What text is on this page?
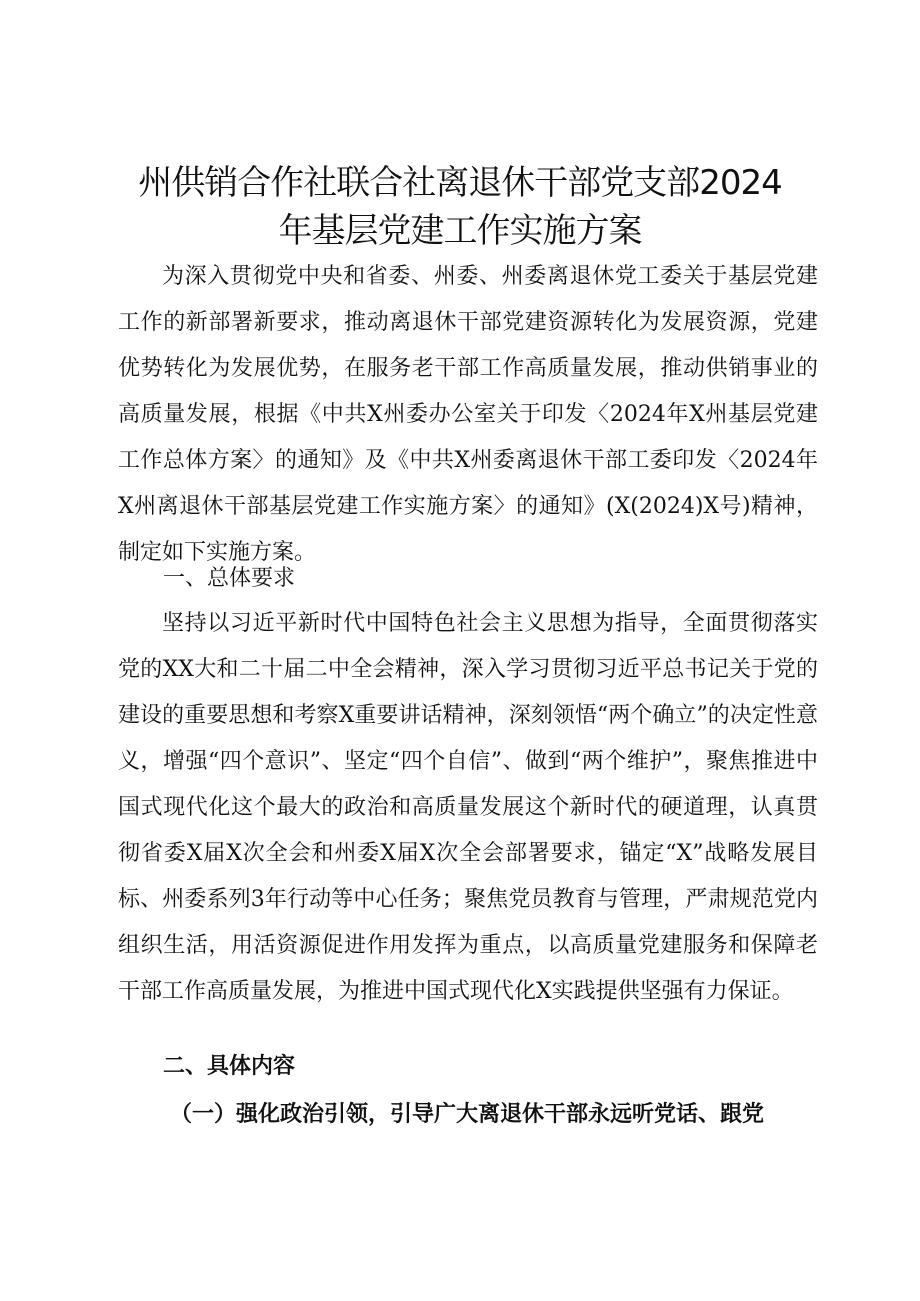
州供销合作社联合社离退休干部党支部2024
年基层党建工作实施方案

为深入贯彻党中央和省委、州委、州委离退休党工委关于基层党建工作的新部署新要求，推动离退休干部党建资源转化为发展资源，党建优势转化为发展优势，在服务老干部工作高质量发展，推动供销事业的高质量发展，根据《中共X州委办公室关于印发〈2024年X州基层党建工作总体方案〉的通知》及《中共X州委离退休干部工委印发〈2024年X州离退休干部基层党建工作实施方案〉的通知》(X(2024)X号)精神，制定如下实施方案。

一、总体要求

坚持以习近平新时代中国特色社会主义思想为指导，全面贯彻落实党的XX大和二十届二中全会精神，深入学习贯彻习近平总书记关于党的建设的重要思想和考察X重要讲话精神，深刻领悟“两个确立”的决定性意义，增强“四个意识”、坚定“四个自信”、做到“两个维护”，聚焦推进中国式现代化这个最大的政治和高质量发展这个新时代的硬道理，认真贯彻省委X届X次全会和州委X届X次全会部署要求，锚定“X”战略发展目标、州委系列3年行动等中心任务；聚焦党员教育与管理，严肃规范党内组织生活，用活资源促进作用发挥为重点，以高质量党建服务和保障老干部工作高质量发展，为推进中国式现代化X实践提供坚强有力保证。

二、具体内容
（一）强化政治引领，引导广大离退休干部永远听党话、跟党
